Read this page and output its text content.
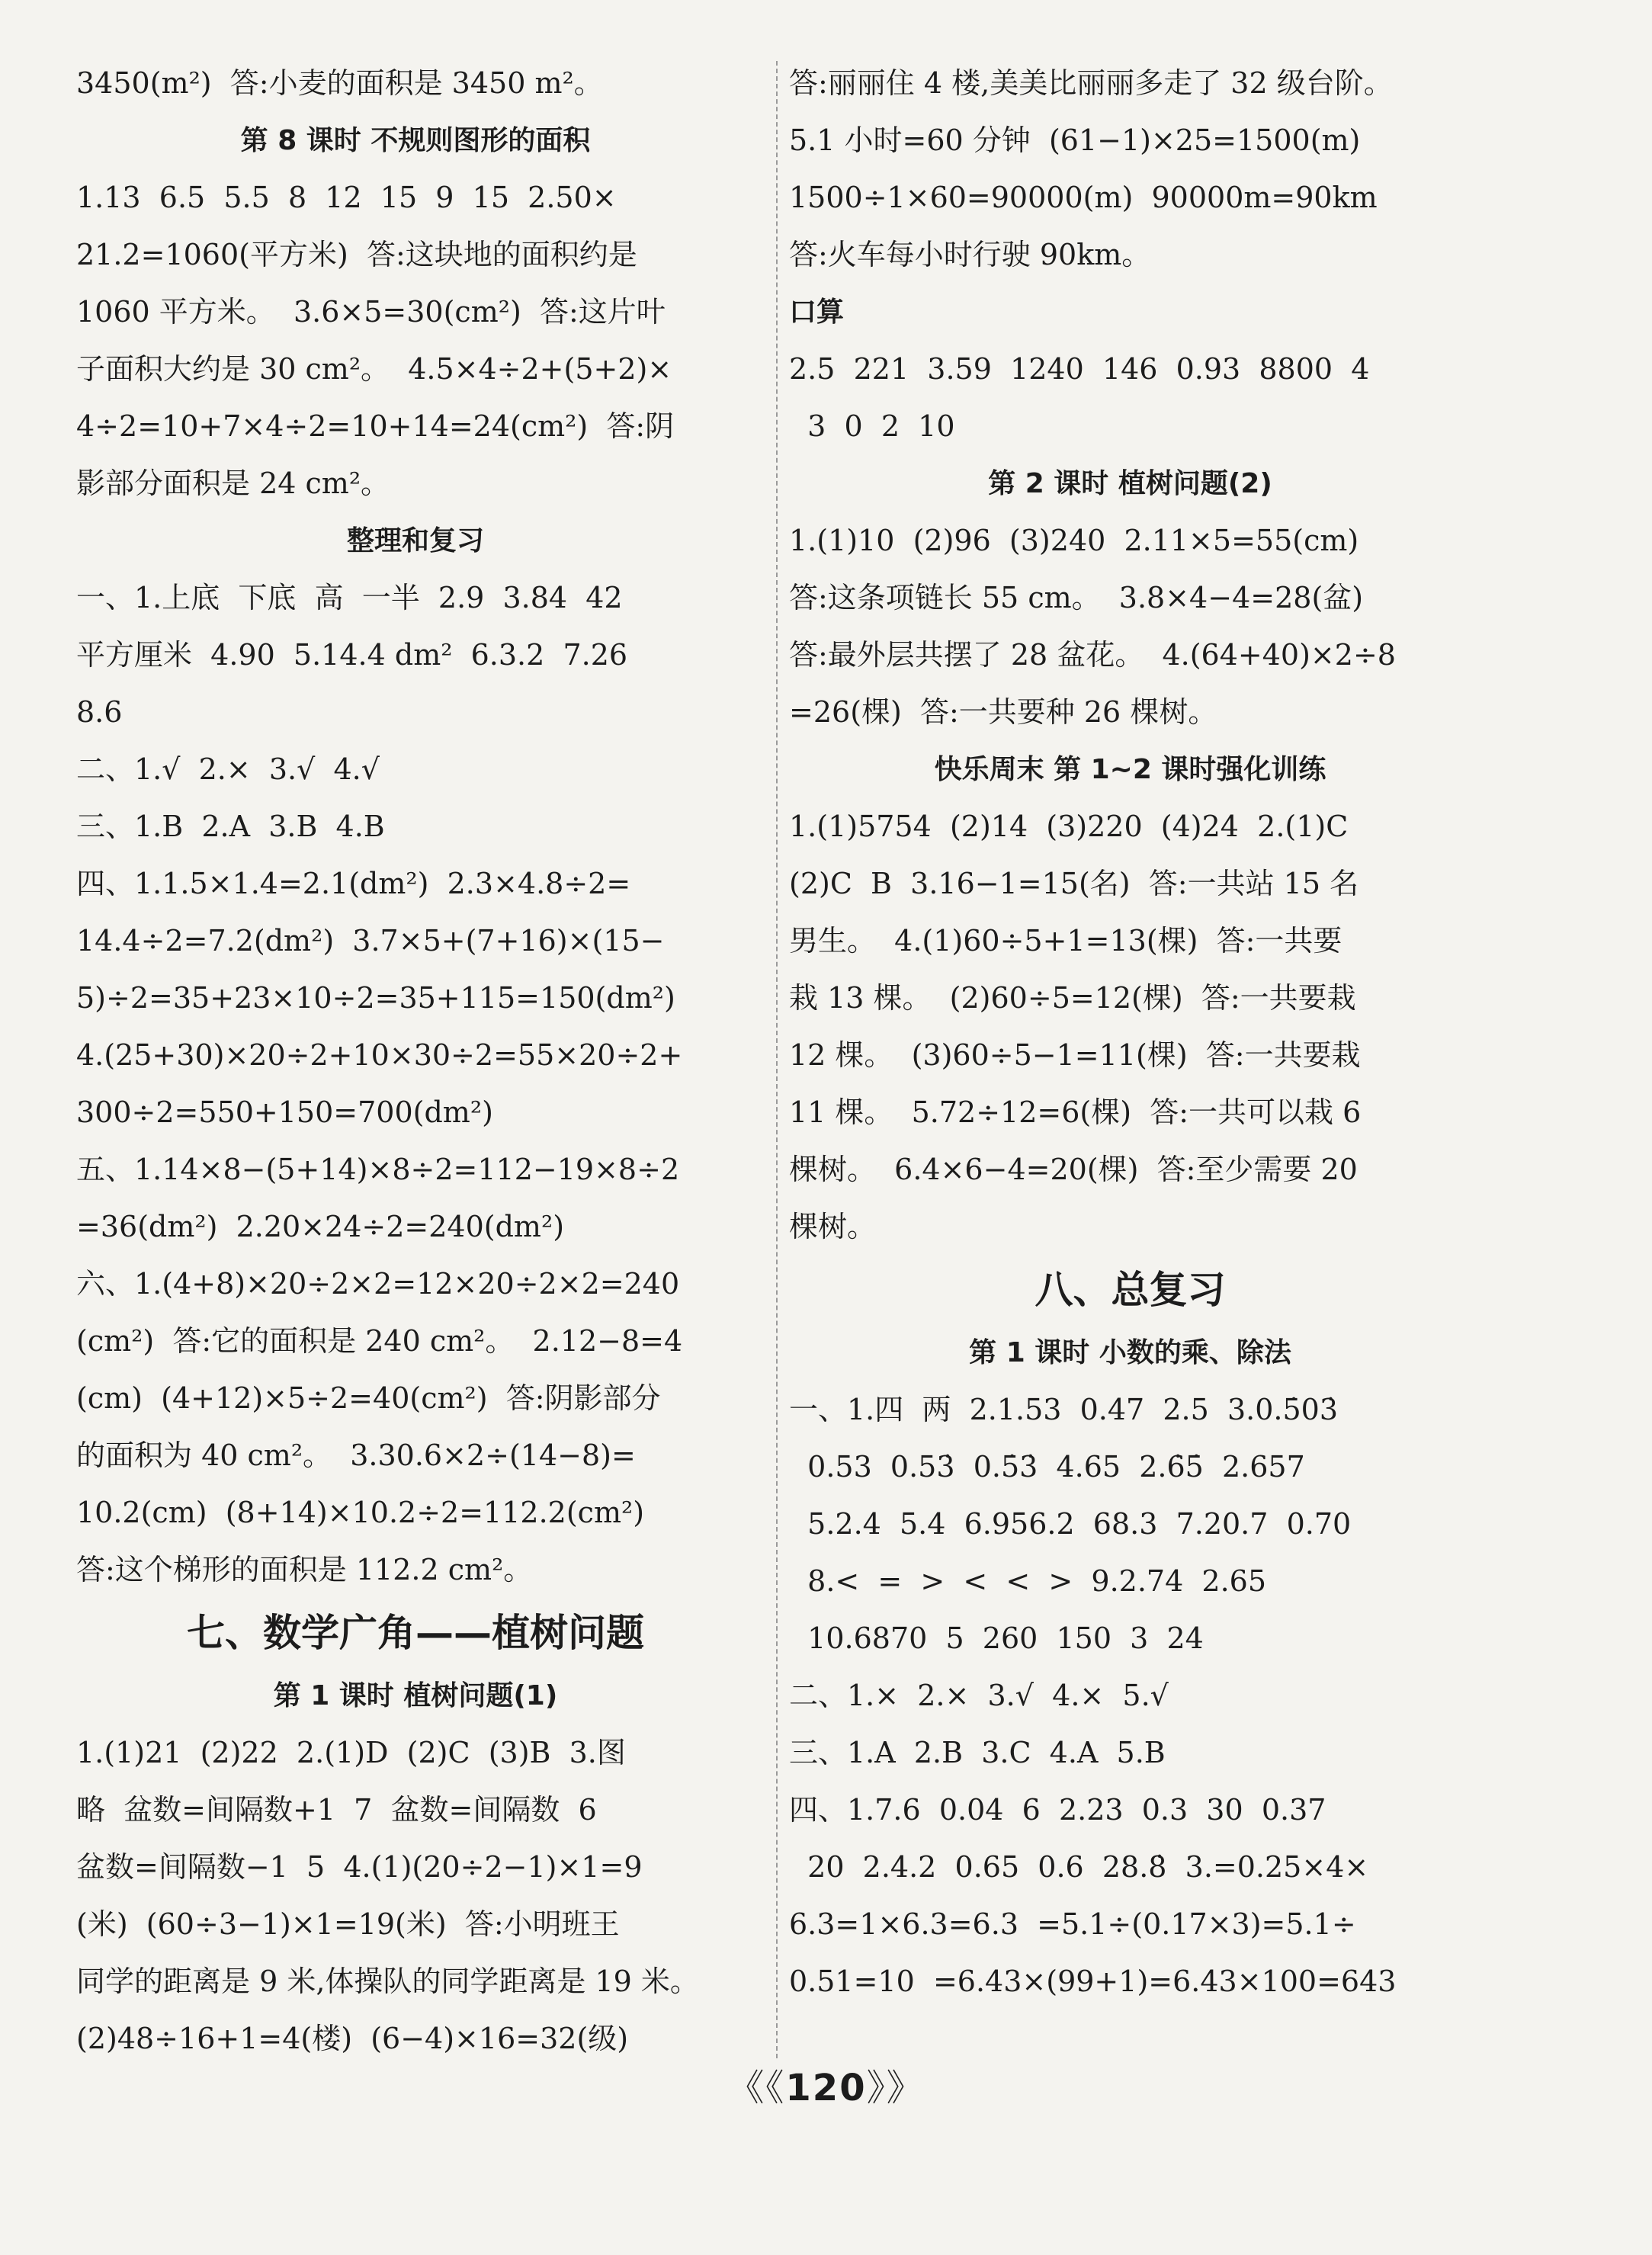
3450(m²)  答:小麦的面积是 3450 m²。
第 8 课时 不规则图形的面积
1.13  6.5  5.5  8  12  15  9  15  2.50×
21.2=1060(平方米)  答:这块地的面积约是
1060 平方米。  3.6×5=30(cm²)  答:这片叶
子面积大约是 30 cm²。  4.5×4÷2+(5+2)×
4÷2=10+7×4÷2=10+14=24(cm²)  答:阴
影部分面积是 24 cm²。
整理和复习
一、1.上底  下底  高  一半  2.9  3.84  42
平方厘米  4.90  5.14.4 dm²  6.3.2  7.26
8.6
二、1.√  2.×  3.√  4.√
三、1.B  2.A  3.B  4.B
四、1.1.5×1.4=2.1(dm²)  2.3×4.8÷2=
14.4÷2=7.2(dm²)  3.7×5+(7+16)×(15−
5)÷2=35+23×10÷2=35+115=150(dm²)
4.(25+30)×20÷2+10×30÷2=55×20÷2+
300÷2=550+150=700(dm²)
五、1.14×8−(5+14)×8÷2=112−19×8÷2
=36(dm²)  2.20×24÷2=240(dm²)
六、1.(4+8)×20÷2×2=12×20÷2×2=240
(cm²)  答:它的面积是 240 cm²。  2.12−8=4
(cm)  (4+12)×5÷2=40(cm²)  答:阴影部分
的面积为 40 cm²。  3.30.6×2÷(14−8)=
10.2(cm)  (8+14)×10.2÷2=112.2(cm²)
答:这个梯形的面积是 112.2 cm²。
七、数学广角——植树问题
第 1 课时 植树问题(1)
1.(1)21  (2)22  2.(1)D  (2)C  (3)B  3.图
略  盆数=间隔数+1  7  盆数=间隔数  6
盆数=间隔数−1  5  4.(1)(20÷2−1)×1=9
(米)  (60÷3−1)×1=19(米)  答:小明班王
同学的距离是 9 米,体操队的同学距离是 19 米。
(2)48÷16+1=4(楼)  (6−4)×16=32(级)
答:丽丽住 4 楼,美美比丽丽多走了 32 级台阶。
5.1 小时=60 分钟  (61−1)×25=1500(m)
1500÷1×60=90000(m)  90000m=90km
答:火车每小时行驶 90km。
口算
2.5  221  3.59  1240  146  0.93  8800  4
3  0  2  10
第 2 课时 植树问题(2)
1.(1)10  (2)96  (3)240  2.11×5=55(cm)
答:这条项链长 55 cm。  3.8×4−4=28(盆)
答:最外层共摆了 28 盆花。  4.(64+40)×2÷8
=26(棵)  答:一共要种 26 棵树。
快乐周末 第 1~2 课时强化训练
1.(1)5754  (2)14  (3)220  (4)24  2.(1)C
(2)C  B  3.16−1=15(名)  答:一共站 15 名
男生。  4.(1)60÷5+1=13(棵)  答:一共要
栽 13 棵。  (2)60÷5=12(棵)  答:一共要栽
12 棵。  (3)60÷5−1=11(棵)  答:一共要栽
11 棵。  5.72÷12=6(棵)  答:一共可以栽 6
棵树。  6.4×6−4=20(棵)  答:至少需要 20
棵树。
八、总复习
第 1 课时 小数的乘、除法
一、1.四  两  2.1.53  0.47  2.5  3.0.5̇03̇
0.53  0.53̇  0.5̇3̇  4.65  2.6̇5̇  2.657
5.2.4  5.4  6.956.2  68.3  7.20.7  0.70
8.<  =  >  <  <  >  9.2.74  2.65
10.6870  5  260  150  3  24
二、1.×  2.×  3.√  4.×  5.√
三、1.A  2.B  3.C  4.A  5.B
四、1.7.6  0.04  6  2.23  0.3  30  0.37
20  2.4.2  0.65  0.6  28.8̇  3.=0.25×4×
6.3=1×6.3=6.3  =5.1÷(0.17×3)=5.1÷
0.51=10  =6.43×(99+1)=6.43×100=643
《《120》》
